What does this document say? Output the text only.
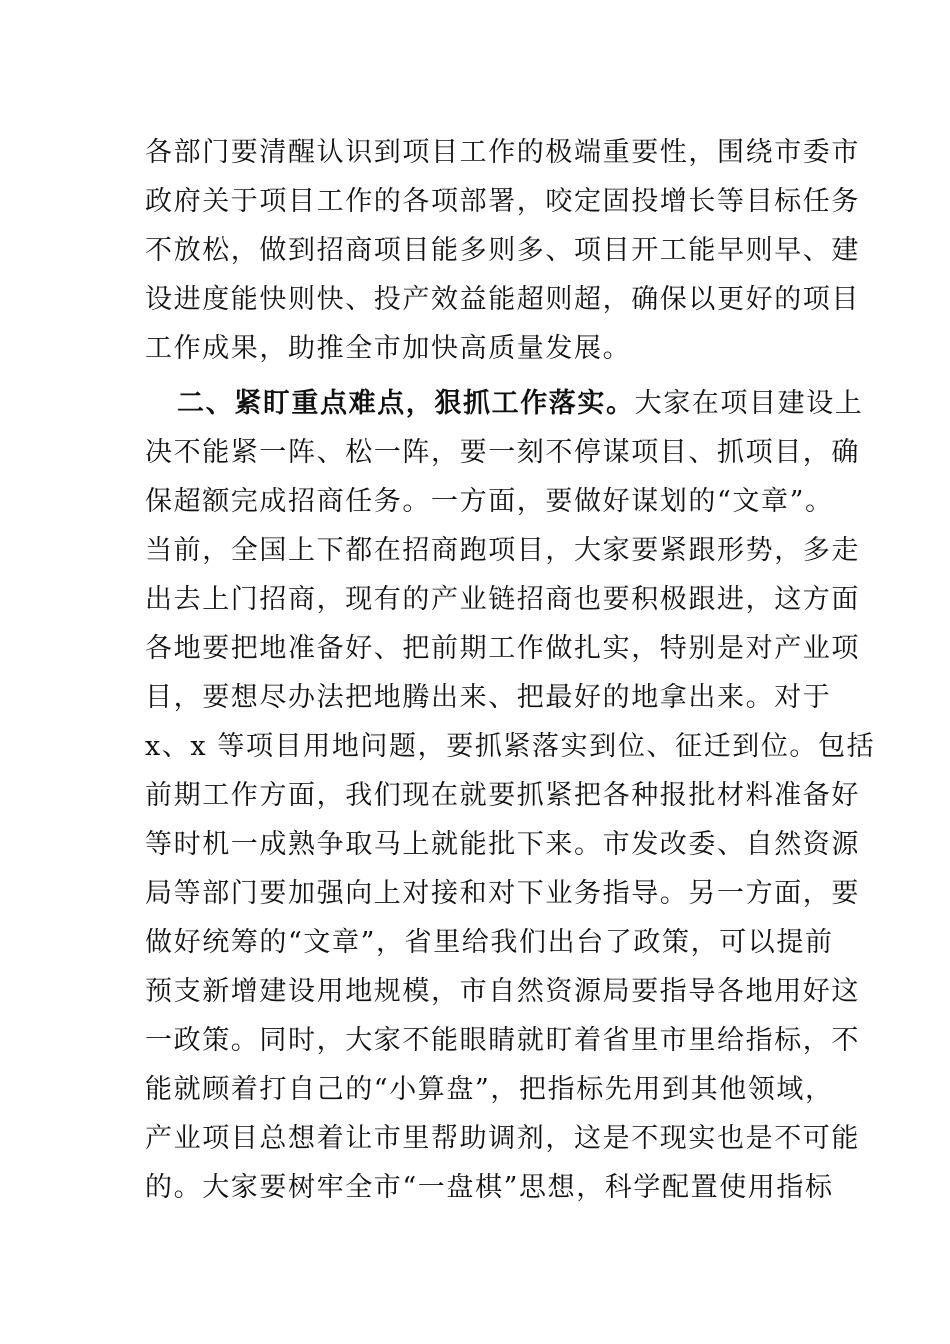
各部门要清醒认识到项目工作的极端重要性，围绕市委市
政府关于项目工作的各项部署，咬定固投增长等目标任务
不放松，做到招商项目能多则多、项目开工能早则早、建
设进度能快则快、投产效益能超则超，确保以更好的项目
工作成果，助推全市加快高质量发展。
二、紧盯重点难点，狠抓工作落实。大家在项目建设上
决不能紧一阵、松一阵，要一刻不停谋项目、抓项目，确
保超额完成招商任务。一方面，要做好谋划的“文章”。
当前，全国上下都在招商跑项目，大家要紧跟形势，多走
出去上门招商，现有的产业链招商也要积极跟进，这方面
各地要把地准备好、把前期工作做扎实，特别是对产业项
目，要想尽办法把地腾出来、把最好的地拿出来。对于
x、x 等项目用地问题，要抓紧落实到位、征迁到位。包括
前期工作方面，我们现在就要抓紧把各种报批材料准备好
等时机一成熟争取马上就能批下来。市发改委、自然资源
局等部门要加强向上对接和对下业务指导。另一方面，要
做好统筹的“文章”，省里给我们出台了政策，可以提前
预支新增建设用地规模，市自然资源局要指导各地用好这
一政策。同时，大家不能眼睛就盯着省里市里给指标，不
能就顾着打自己的“小算盘”，把指标先用到其他领域，
产业项目总想着让市里帮助调剂，这是不现实也是不可能
的。大家要树牢全市“一盘棋”思想，科学配置使用指标
